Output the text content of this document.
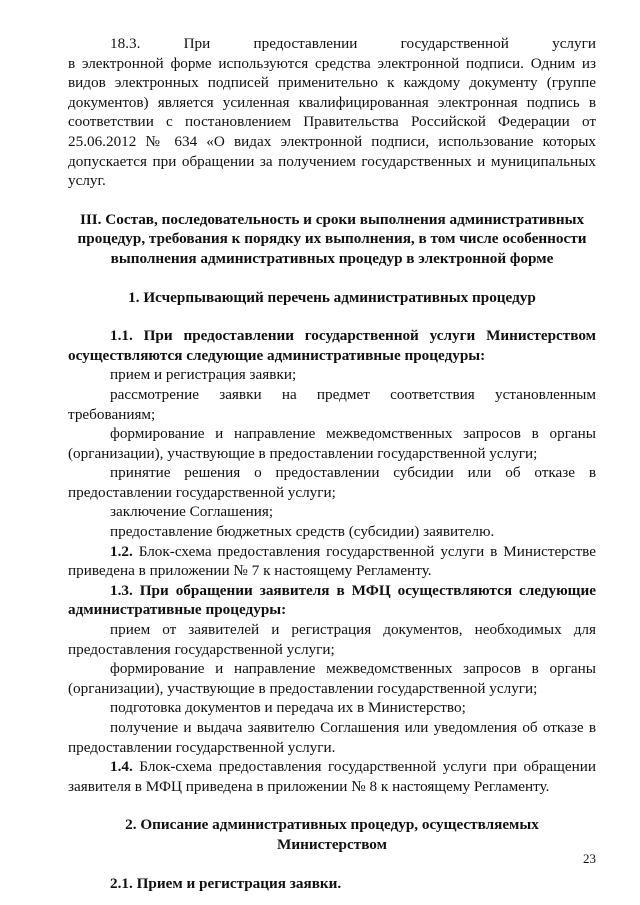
18.3.	При	предоставлении	государственной	услуги

в электронной форме используются средства электронной подписи. Одним из видов электронных подписей применительно к каждому документу (группе документов) является усиленная квалифицированная электронная подпись в соответствии с постановлением Правительства Российской Федерации от 25.06.2012 № 634 «О видах электронной подписи, использование которых допускается при обращении за получением государственных и муниципальных услуг.

III. Состав, последовательность и сроки выполнения административных процедур, требования к порядку их выполнения, в том числе особенности выполнения административных процедур в электронной форме

1. Исчерпывающий перечень административных процедур

1.1. При предоставлении государственной услуги Министерством осуществляются следующие административные процедуры:

прием и регистрация заявки;

рассмотрение заявки на предмет соответствия установленным требованиям;

формирование и направление межведомственных запросов в органы (организации), участвующие в предоставлении государственной услуги;

принятие решения о предоставлении субсидии или об отказе в предоставлении государственной услуги;

заключение Соглашения;

предоставление бюджетных средств (субсидии) заявителю.

1.2. Блок-схема предоставления государственной услуги в Министерстве приведена в приложении № 7 к настоящему Регламенту.

1.3. При обращении заявителя в МФЦ осуществляются следующие административные процедуры:

прием от заявителей и регистрация документов, необходимых для предоставления государственной услуги;

формирование и направление межведомственных запросов в органы (организации), участвующие в предоставлении государственной услуги;

подготовка документов и передача их в Министерство;

получение и выдача заявителю Соглашения или уведомления об отказе в предоставлении государственной услуги.

1.4. Блок-схема предоставления государственной услуги при обращении заявителя в МФЦ приведена в приложении № 8 к настоящему Регламенту.

2. Описание административных процедур, осуществляемых Министерством

2.1. Прием и регистрация заявки.

23
